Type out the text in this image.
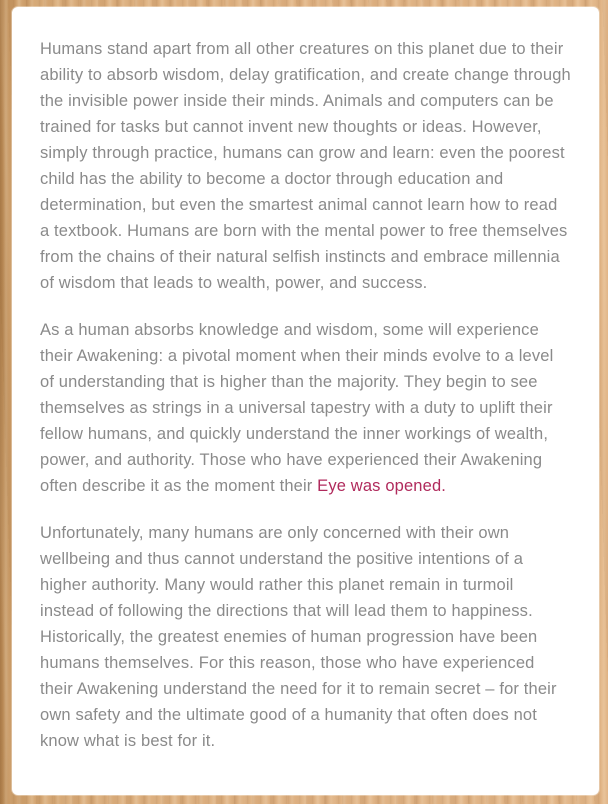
Humans stand apart from all other creatures on this planet due to their ability to absorb wisdom, delay gratification, and create change through the invisible power inside their minds. Animals and computers can be trained for tasks but cannot invent new thoughts or ideas. However, simply through practice, humans can grow and learn: even the poorest child has the ability to become a doctor through education and determination, but even the smartest animal cannot learn how to read a textbook. Humans are born with the mental power to free themselves from the chains of their natural selfish instincts and embrace millennia of wisdom that leads to wealth, power, and success.

As a human absorbs knowledge and wisdom, some will experience their Awakening: a pivotal moment when their minds evolve to a level of understanding that is higher than the majority. They begin to see themselves as strings in a universal tapestry with a duty to uplift their fellow humans, and quickly understand the inner workings of wealth, power, and authority. Those who have experienced their Awakening often describe it as the moment their Eye was opened.

Unfortunately, many humans are only concerned with their own wellbeing and thus cannot understand the positive intentions of a higher authority. Many would rather this planet remain in turmoil instead of following the directions that will lead them to happiness. Historically, the greatest enemies of human progression have been humans themselves. For this reason, those who have experienced their Awakening understand the need for it to remain secret – for their own safety and the ultimate good of a humanity that often does not know what is best for it.
